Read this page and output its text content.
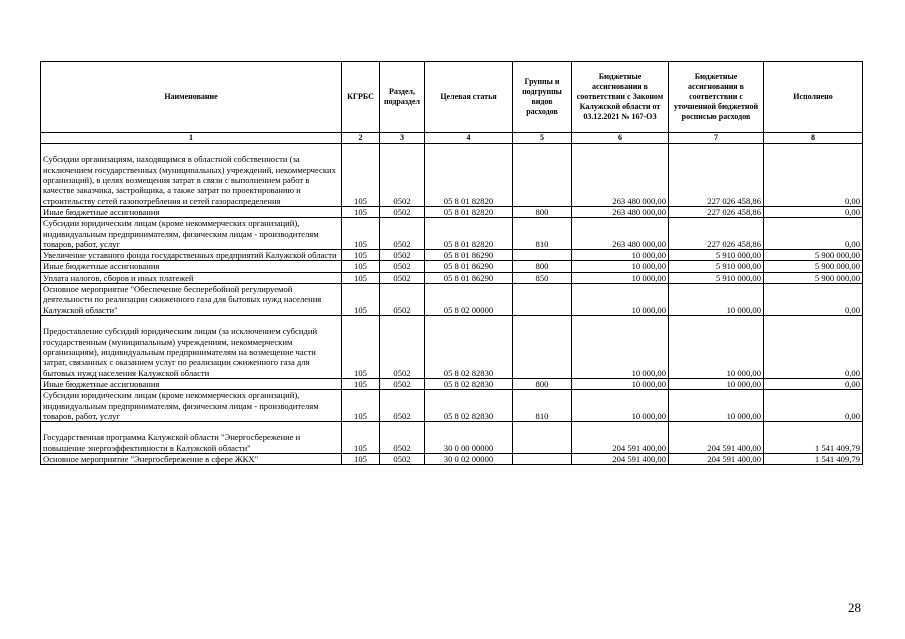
Наименование	КГРБС	Раздел, подраздел	Целевая статья	Группы и подгруппы видов расходов	Бюджетные ассигнования в соответствии с Законом Калужской области от 03.12.2021 № 167-ОЗ	Бюджетные ассигнования в соответствии с уточненной бюджетной росписью расходов	Исполнено
1	2	3	4	5	6	7	8

Субсидии организациям, находящимся в областной собственности (за исключением государственных (муниципальных) учреждений, некоммерческих организаций), в целях возмещения затрат в связи с выполнением работ в качестве заказчика, застройщика, а также затрат по проектированию и строительству сетей газопотребления и сетей газораспределения	105	0502	05 8 01 82820		263 480 000,00	227 026 458,86	0,00
Иные бюджетные ассигнования	105	0502	05 8 01 82820	800	263 480 000,00	227 026 458,86	0,00
Субсидии юридическим лицам (кроме некоммерческих организаций), индивидуальным предпринимателям, физическим лицам - производителям товаров, работ, услуг	105	0502	05 8 01 82820	810	263 480 000,00	227 026 458,86	0,00
Увеличение уставного фонда государственных предприятий Калужской области	105	0502	05 8 01 86290		10 000,00	5 910 000,00	5 900 000,00
Иные бюджетные ассигнования	105	0502	05 8 01 86290	800	10 000,00	5 910 000,00	5 900 000,00
Уплата налогов, сборов и иных платежей	105	0502	05 8 01 86290	850	10 000,00	5 910 000,00	5 900 000,00
Основное мероприятие "Обеспечение бесперебойной регулируемой деятельности по реализации сжиженного газа для бытовых нужд населения Калужской области"	105	0502	05 8 02 00000		10 000,00	10 000,00	0,00

Предоставление субсидий юридическим лицам (за исключением субсидий государственным (муниципальным) учреждениям, некоммерческим организациям), индивидуальным предпринимателям на возмещение части затрат, связанных с оказанием услуг по реализации сжиженного газа для бытовых нужд населения Калужской области	105	0502	05 8 02 82830		10 000,00	10 000,00	0,00
Иные бюджетные ассигнования	105	0502	05 8 02 82830	800	10 000,00	10 000,00	0,00
Субсидии юридическим лицам (кроме некоммерческих организаций), индивидуальным предпринимателям, физическим лицам - производителям товаров, работ, услуг	105	0502	05 8 02 82830	810	10 000,00	10 000,00	0,00

Государственная программа Калужской области "Энергосбережение и повышение энергоэффективности в Калужской области"	105	0502	30 0 00 00000		204 591 400,00	204 591 400,00	1 541 409,79
Основное мероприятие "Энергосбережение в сфере ЖКХ"	105	0502	30 0 02 00000		204 591 400,00	204 591 400,00	1 541 409,79
28
